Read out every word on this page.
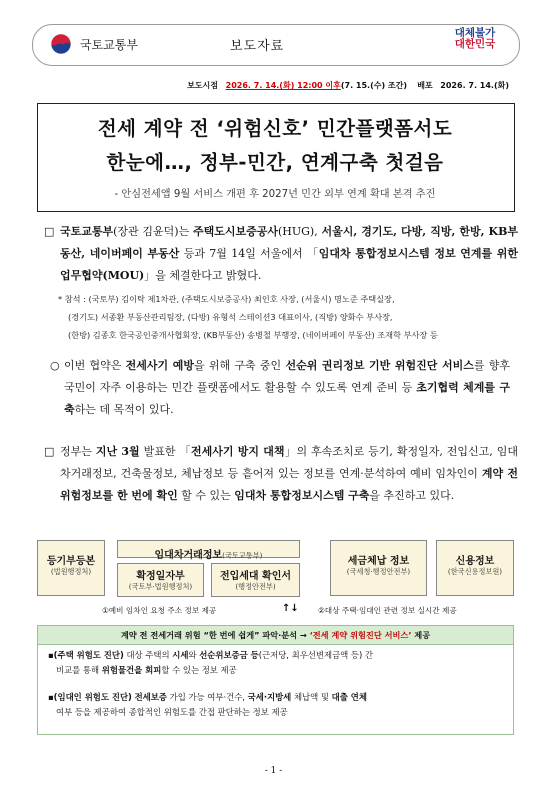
국토교통부	보도자료
대체불가
대한민국
보도시점 2026. 7. 14.(화) 12:00 이후(7. 15.(수) 조간) 배포 2026. 7. 14.(화)
전세 계약 전 ‘위험신호’ 민간플랫폼서도
한눈에…, 정부-민간, 연계구축 첫걸음
- 안심전세앱 9월 서비스 개편 후 2027년 민간 외부 연계 확대 본격 추진
□ 국토교통부(장관 김윤덕)는 주택도시보증공사(HUG), 서울시, 경기도, 다방, 직방, 한방, KB부동산, 네이버페이 부동산 등과 7월 14일 서울에서 「임대차 통합정보시스템 정보 연계를 위한 업무협약(MOU)」을 체결한다고 밝혔다.
* 참석 : (국토부) 김이탁 제1차관, (주택도시보증공사) 최인호 사장, (서울시) 명노준 주택실장,
(경기도) 서종환 부동산관리팀장, (다방) 유형석 스테이션3 대표이사, (직방) 양화수 부사장,
(한방) 김종호 한국공인중개사협회장, (KB부동산) 송병철 부행장, (네이버페이 부동산) 조재학 부사장 등
○ 이번 협약은 전세사기 예방을 위해 구축 중인 선순위 권리정보 기반 위험진단 서비스를 향후 국민이 자주 이용하는 민간 플랫폼에서도 활용할 수 있도록 연계 준비 등 초기협력 체계를 구축하는 데 목적이 있다.
□ 정부는 지난 3월 발표한 「전세사기 방지 대책」의 후속조치로 등기, 확정일자, 전입신고, 임대차거래정보, 건축물정보, 체납정보 등 흩어져 있는 정보를 연계·분석하여 예비 임차인이 계약 전 위험정보를 한 번에 확인 할 수 있는 임대차 통합정보시스템 구축을 추진하고 있다.
등기부등본
(법원행정처)
임대차거래정보(국토교통부)
확정일자부
(국토부·법원행정처)
전입세대 확인서
(행정안전부)
세금체납 정보
(국세청·행정안전부)
신용정보
(한국신용정보원)
①예비 임차인 요청 주소 정보 제공	↑↓	②대상 주택·임대인 관련 정보 실시간 제공
계약 전 전세거래 위험 “한 번에 쉽게” 파악·분석 → ‘전세 계약 위험진단 서비스’ 제공
▪(주택 위험도 진단) 대상 주택의 시세와 선순위보증금 등(근저당, 최우선변제금액 등) 간
비교를 통해 위험물건을 회피할 수 있는 정보 제공
▪(임대인 위험도 진단) 전세보증 가입 가능 여부·건수, 국세·지방세 체납액 및 대출 연체
여부 등을 제공하여 종합적인 위험도를 간접 판단하는 정보 제공
- 1 -
